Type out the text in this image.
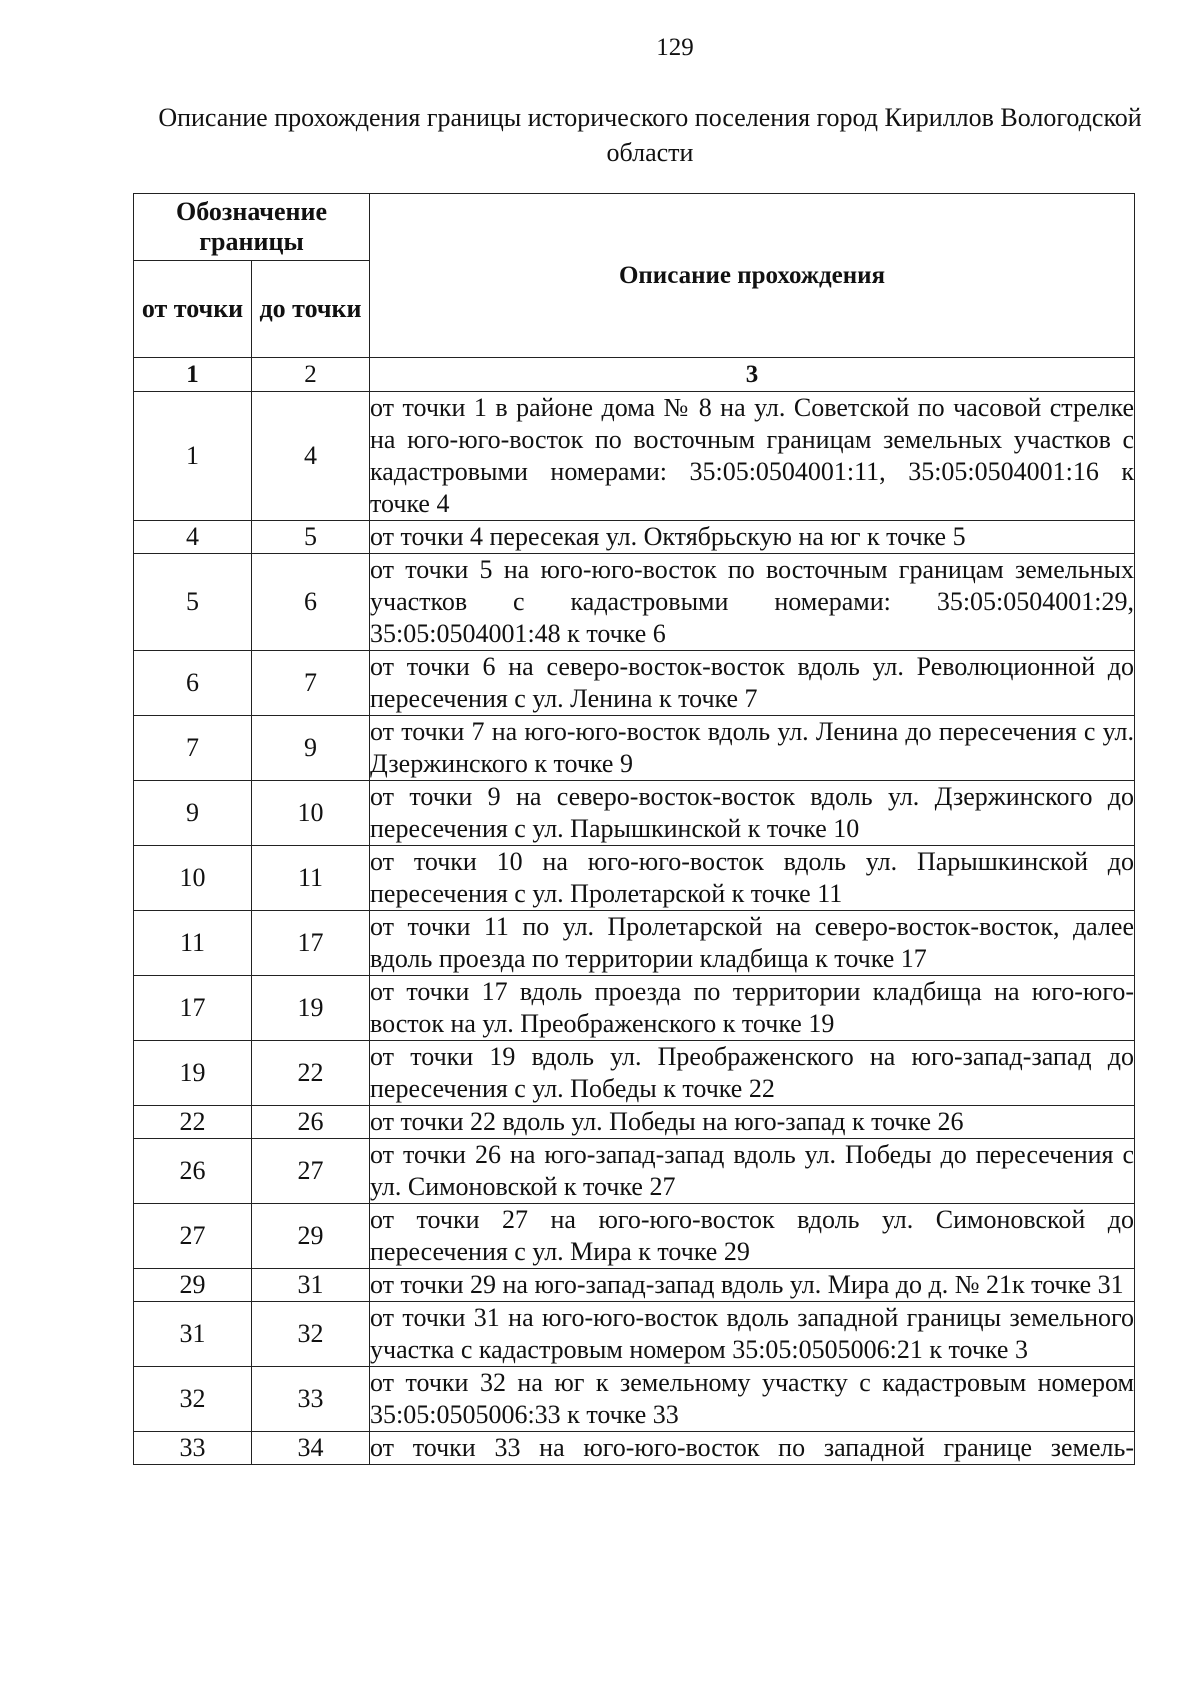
129
Описание прохождения границы исторического поселения город Кириллов Вологодской области
Обозначение границы		Описание прохождения
от точки	до точки	
1	2	3
1	4	от точки 1 в районе дома № 8 на ул. Советской по часовой стрелке на юго-юго-восток по восточным границам земельных участков с кадастровыми номерами: 35:05:0504001:11, 35:05:0504001:16 к точке 4
4	5	от точки 4 пересекая ул. Октябрьскую на юг к точке 5
5	6	от точки 5 на юго-юго-восток по восточным границам земельных участков с кадастровыми номерами: 35:05:0504001:29, 35:05:0504001:48 к точке 6
6	7	от точки 6 на северо-восток-восток вдоль ул. Революционной до пересечения с ул. Ленина к точке 7
7	9	от точки 7 на юго-юго-восток вдоль ул. Ленина до пересечения с ул. Дзержинского к точке 9
9	10	от точки 9 на северо-восток-восток вдоль ул. Дзержинского до пересечения с ул. Парышкинской к точке 10
10	11	от точки 10 на юго-юго-восток вдоль ул. Парышкинской до пересечения с ул. Пролетарской к точке 11
11	17	от точки 11 по ул. Пролетарской на северо-восток-восток, далее вдоль проезда по территории кладбища к точке 17
17	19	от точки 17 вдоль проезда по территории кладбища на юго-юго-восток на ул. Преображенского к точке 19
19	22	от точки 19 вдоль ул. Преображенского на юго-запад-запад до пересечения с ул. Победы к точке 22
22	26	от точки 22 вдоль ул. Победы на юго-запад к точке 26
26	27	от точки 26 на юго-запад-запад вдоль ул. Победы до пересечения с ул. Симоновской к точке 27
27	29	от точки 27 на юго-юго-восток вдоль ул. Симоновской до пересечения с ул. Мира к точке 29
29	31	от точки 29 на юго-запад-запад вдоль ул. Мира до д. № 21к точке 31
31	32	от точки 31 на юго-юго-восток вдоль западной границы земельного участка с кадастровым номером 35:05:0505006:21 к точке 3
32	33	от точки 32 на юг к земельному участку с кадастровым номером 35:05:0505006:33 к точке 33
33	34	от точки 33 на юго-юго-восток по западной границе земель-
